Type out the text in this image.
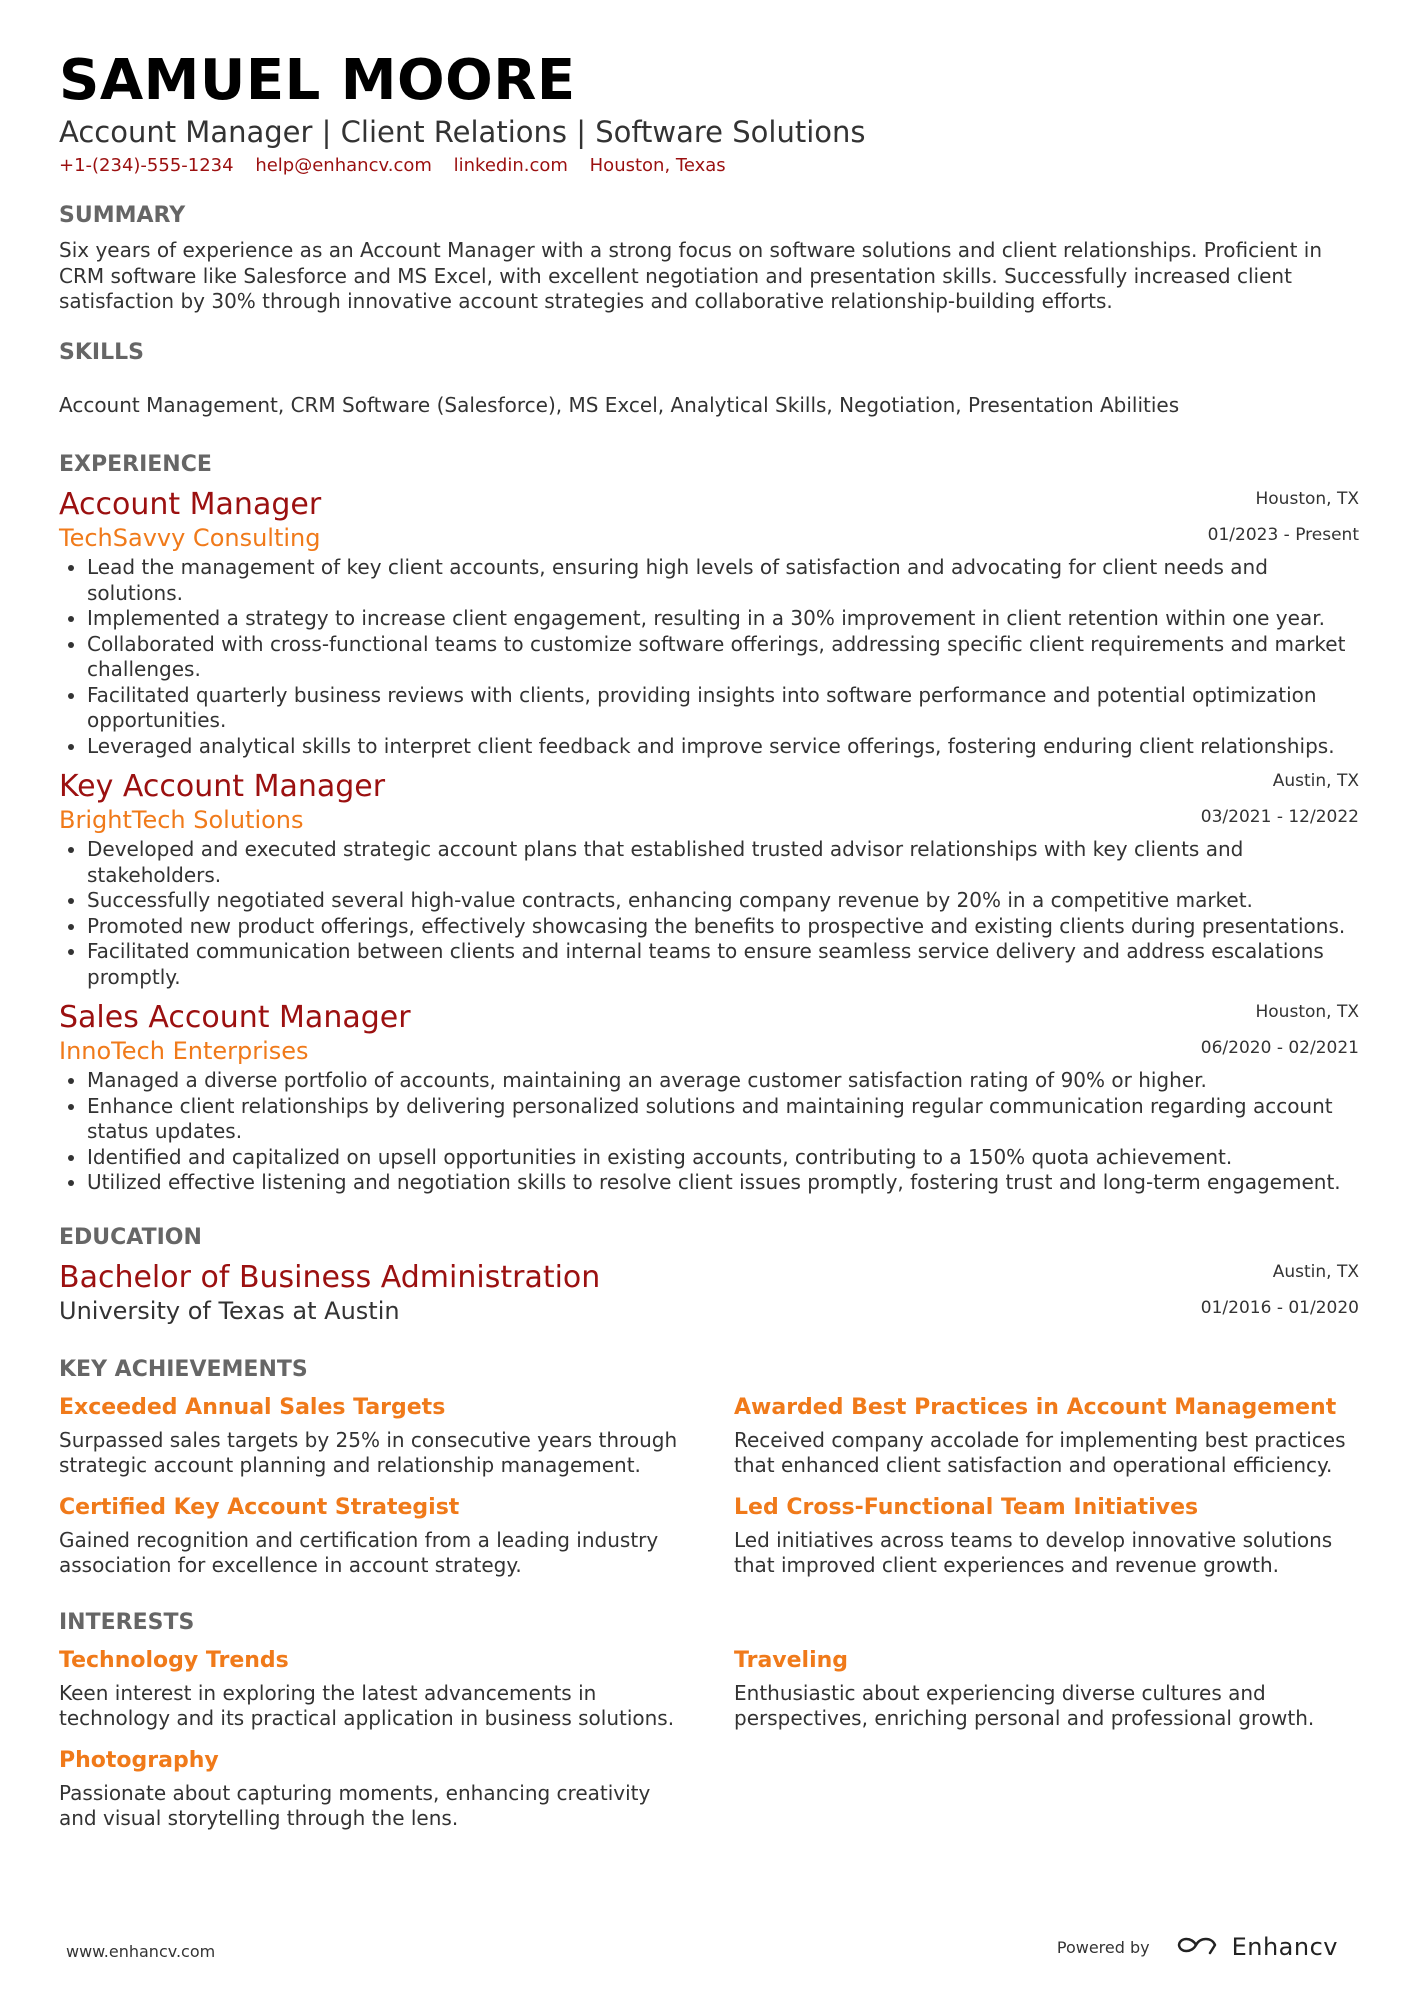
SAMUEL MOORE
Account Manager | Client Relations | Software Solutions
+1-(234)-555-1234 help@enhancv.com linkedin.com Houston, Texas
SUMMARY
Six years of experience as an Account Manager with a strong focus on software solutions and client relationships. Proficient in CRM software like Salesforce and MS Excel, with excellent negotiation and presentation skills. Successfully increased client satisfaction by 30% through innovative account strategies and collaborative relationship-building efforts.
SKILLS
Account Management, CRM Software (Salesforce), MS Excel, Analytical Skills, Negotiation, Presentation Abilities
EXPERIENCE
Account Manager
TechSavvy Consulting
Houston, TX
01/2023 - Present
• Lead the management of key client accounts, ensuring high levels of satisfaction and advocating for client needs and solutions.
• Implemented a strategy to increase client engagement, resulting in a 30% improvement in client retention within one year.
• Collaborated with cross-functional teams to customize software offerings, addressing specific client requirements and market challenges.
• Facilitated quarterly business reviews with clients, providing insights into software performance and potential optimization opportunities.
• Leveraged analytical skills to interpret client feedback and improve service offerings, fostering enduring client relationships.
Key Account Manager
BrightTech Solutions
Austin, TX
03/2021 - 12/2022
• Developed and executed strategic account plans that established trusted advisor relationships with key clients and stakeholders.
• Successfully negotiated several high-value contracts, enhancing company revenue by 20% in a competitive market.
• Promoted new product offerings, effectively showcasing the benefits to prospective and existing clients during presentations.
• Facilitated communication between clients and internal teams to ensure seamless service delivery and address escalations promptly.
Sales Account Manager
InnoTech Enterprises
Houston, TX
06/2020 - 02/2021
• Managed a diverse portfolio of accounts, maintaining an average customer satisfaction rating of 90% or higher.
• Enhance client relationships by delivering personalized solutions and maintaining regular communication regarding account status updates.
• Identified and capitalized on upsell opportunities in existing accounts, contributing to a 150% quota achievement.
• Utilized effective listening and negotiation skills to resolve client issues promptly, fostering trust and long-term engagement.
EDUCATION
Bachelor of Business Administration
University of Texas at Austin
Austin, TX
01/2016 - 01/2020
KEY ACHIEVEMENTS
Exceeded Annual Sales Targets
Surpassed sales targets by 25% in consecutive years through strategic account planning and relationship management.
Awarded Best Practices in Account Management
Received company accolade for implementing best practices that enhanced client satisfaction and operational efficiency.
Certified Key Account Strategist
Gained recognition and certification from a leading industry association for excellence in account strategy.
Led Cross-Functional Team Initiatives
Led initiatives across teams to develop innovative solutions that improved client experiences and revenue growth.
INTERESTS
Technology Trends
Keen interest in exploring the latest advancements in technology and its practical application in business solutions.
Traveling
Enthusiastic about experiencing diverse cultures and perspectives, enriching personal and professional growth.
Photography
Passionate about capturing moments, enhancing creativity and visual storytelling through the lens.
www.enhancv.com	Powered by	Enhancv
